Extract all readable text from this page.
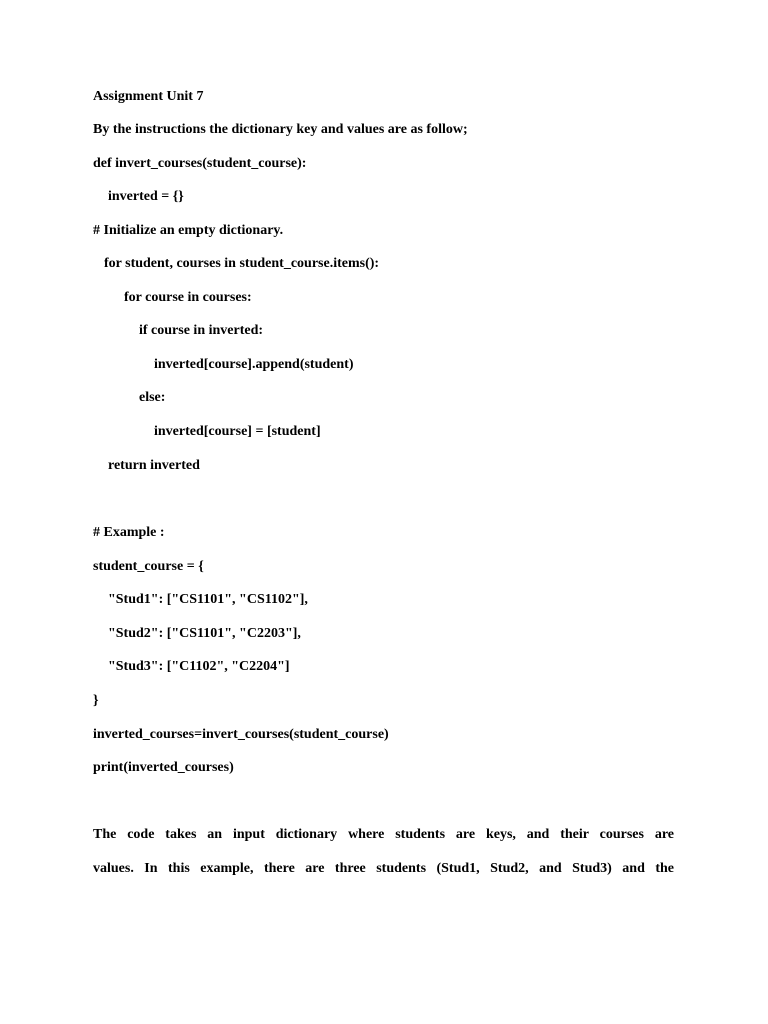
Assignment Unit 7
By the instructions the dictionary key and values are as follow;
def invert_courses(student_course):
inverted = {}
# Initialize an empty dictionary.
for student, courses in student_course.items():
for course in courses:
if course in inverted:
inverted[course].append(student)
else:
inverted[course] = [student]
return inverted
# Example :
student_course = {
"Stud1": ["CS1101", "CS1102"],
"Stud2": ["CS1101", "C2203"],
"Stud3": ["C1102", "C2204"]
}
inverted_courses=invert_courses(student_course)
print(inverted_courses)
The code takes an input dictionary where students are keys, and their courses are
values. In this example, there are three students (Stud1, Stud2, and Stud3) and the
